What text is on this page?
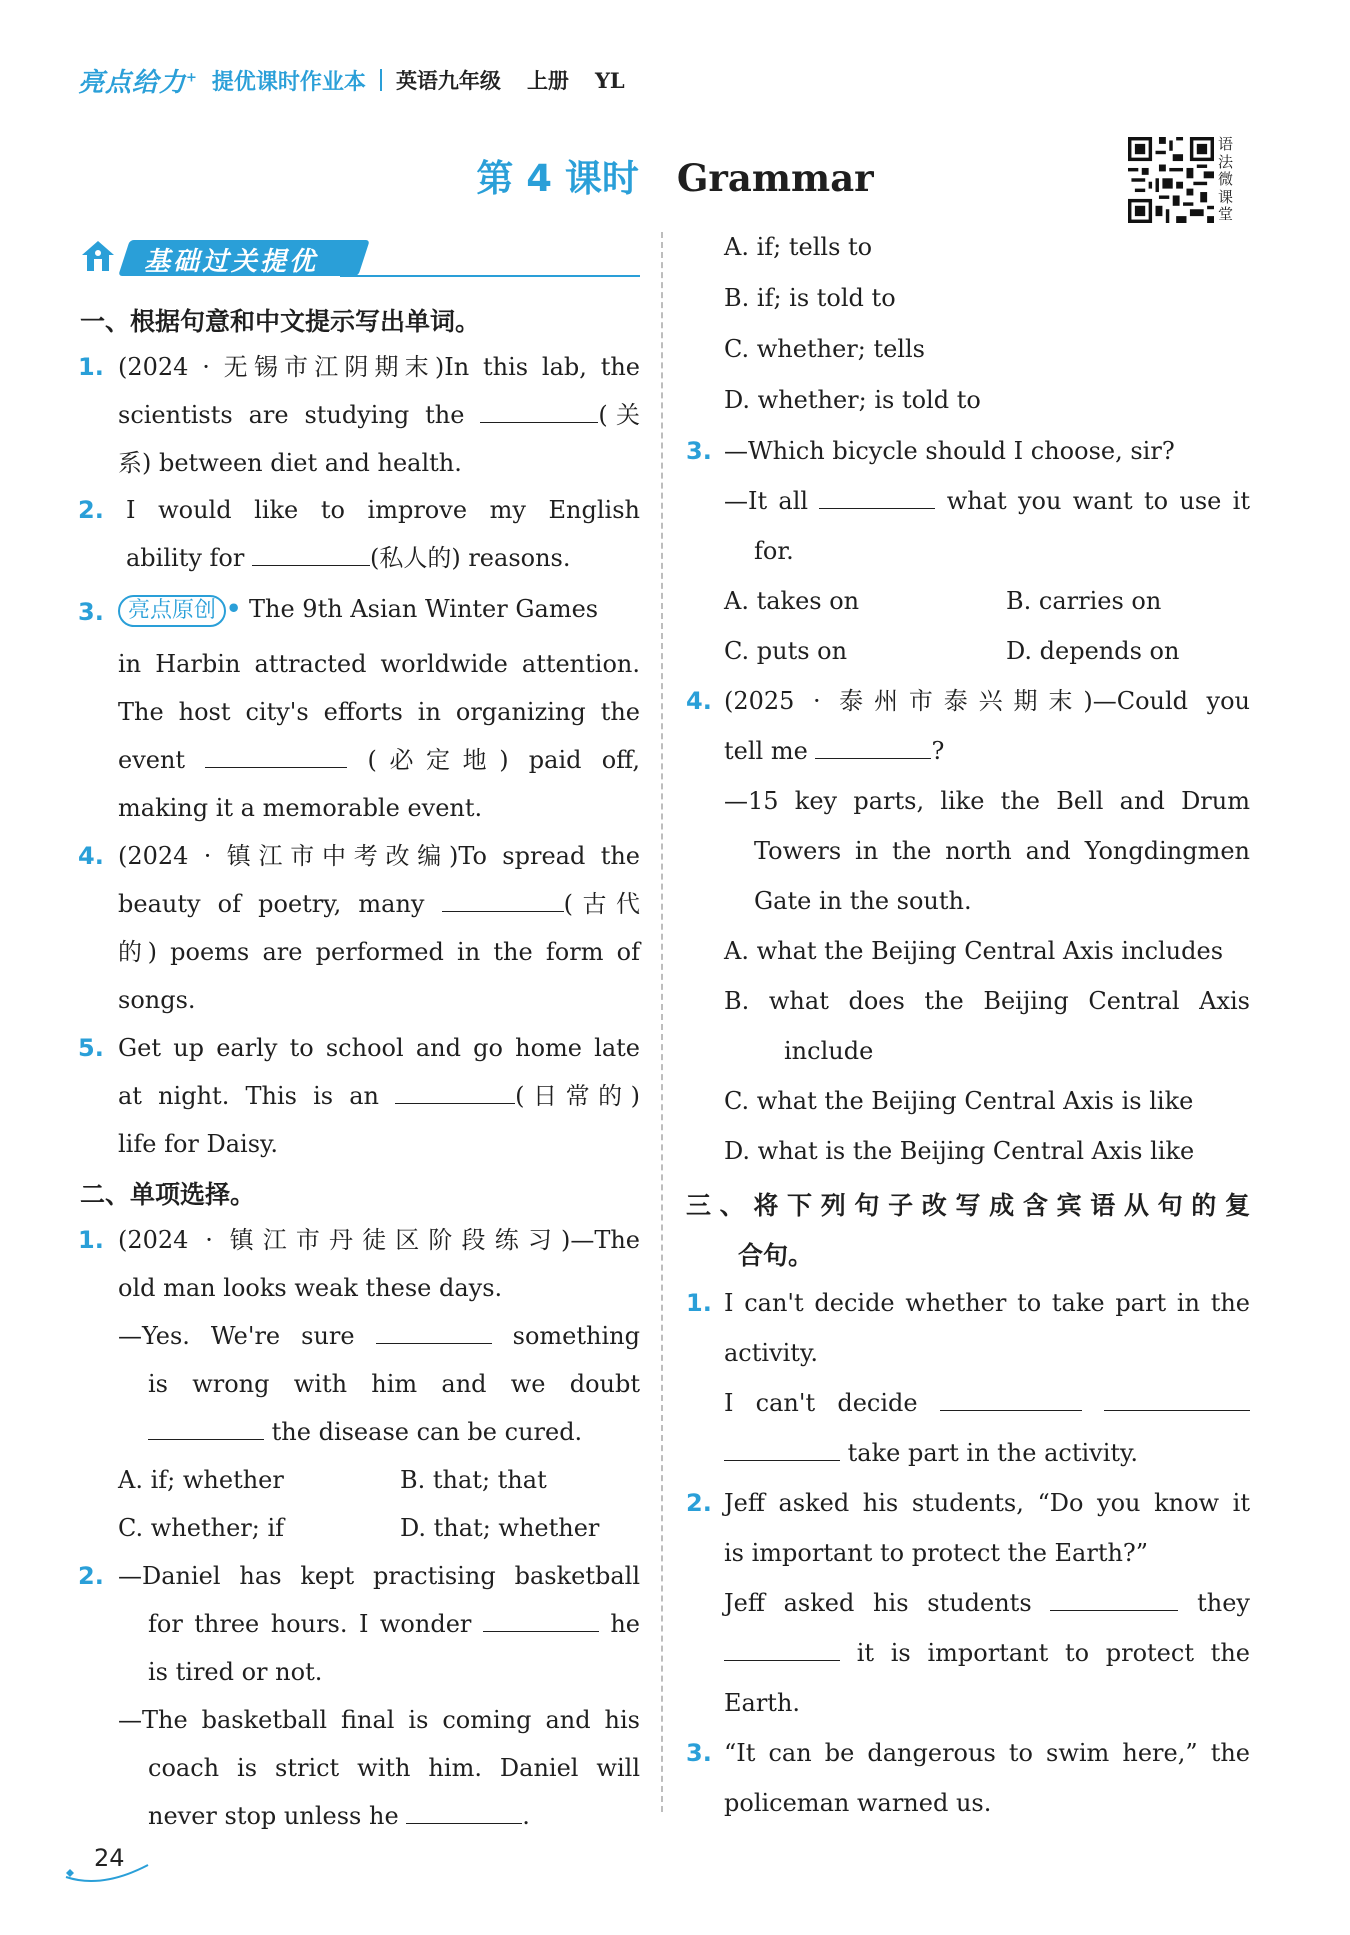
亮点给力+ 提优课时作业本 英语九年级 上册 YL
第 4 课时 Grammar
语
法
微
课
堂
基础过关提优
一、根据句意和中文提示写出单词。
1. (2024 · 无锡市江阴期末)In this lab, the
scientists are studying the	(关
系) between diet and health.
2. I would like to improve my English
ability for	(私人的) reasons.
3.	亮点原创 • The 9th Asian Winter Games
in Harbin attracted worldwide attention.
The host city's efforts in organizing the
event	(必定地) paid off,
making it a memorable event.
4. (2024 · 镇江市中考改编)To spread the
beauty of poetry, many	(古代
的) poems are performed in the form of
songs.
5. Get up early to school and go home late
at night. This is an	(日常的)
life for Daisy.
二、单项选择。
1. (2024 · 镇江市丹徒区阶段练习)—The
old man looks weak these days.
—Yes. We're sure	something
is wrong with him and we doubt
the disease can be cured.
A. if; whether	B. that; that
C. whether; if	D. that; whether
2. —Daniel has kept practising basketball
for three hours. I wonder	he
is tired or not.
—The basketball final is coming and his
coach is strict with him. Daniel will
never stop unless he	.
A. if; tells to
B. if; is told to
C. whether; tells
D. whether; is told to
3. —Which bicycle should I choose, sir?
—It all	what you want to use it
for.
A. takes on	B. carries on
C. puts on	D. depends on
4. (2025 · 泰州市泰兴期末)—Could you
tell me	?
—15 key parts, like the Bell and Drum
Towers in the north and Yongdingmen
Gate in the south.
A. what the Beijing Central Axis includes
B. what does the Beijing Central Axis
include
C. what the Beijing Central Axis is like
D. what is the Beijing Central Axis like
三、将下列句子改写成含宾语从句的复
合句。
1. I can't decide whether to take part in the
activity.
I can't decide
take part in the activity.
2. Jeff asked his students, “Do you know it
is important to protect the Earth?”
Jeff asked his students	they
it is important to protect the
Earth.
3. “It can be dangerous to swim here,” the
policeman warned us.
24
